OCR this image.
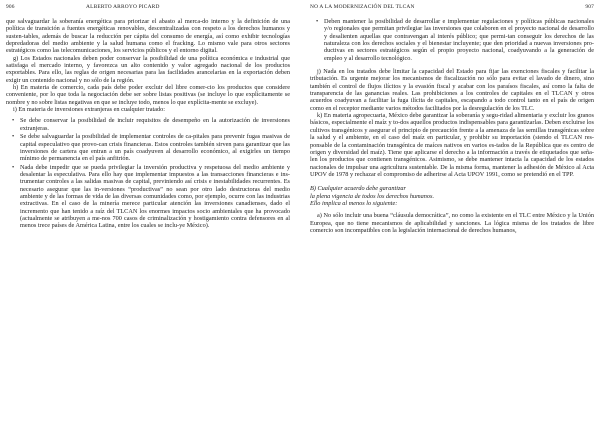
906	ALBERTO ARROYO PICARD

que salvaguardar la soberanía energética para priorizar el abasto al merca-do interno y la definición de una política de transición a fuentes energéticas renovables, descentralizadas con respeto a los derechos humanos y susten-tables, además de buscar la reducción per cápita del consumo de energía, así como exhibir tecnologías depredadoras del medio ambiente y la salud humana como el fracking. Lo mismo vale para otros sectores estratégicos como las telecomunicaciones, los servicios públicos y el entorno digital.

g) Los Estados nacionales deben poder conservar la posibilidad de una política económica e industrial que satisfaga el mercado interno, y favorezca un alto contenido y valor agregado nacional de los productos exportables. Para ello, las reglas de origen necesarias para las facilidades arancelarias en la exportación deben exigir un contenido nacional y no sólo de la región.

h) En materia de comercio, cada país debe poder excluir del libre comer-cio los productos que considere conveniente, por lo que toda la negociación debe ser sobre listas positivas (se incluye lo que explícitamente se nombre y no sobre listas negativas en que se incluye todo, menos lo que explícita-mente se excluye).

i) En materia de inversiones extranjeras en cualquier tratado:

• Se debe conservar la posibilidad de incluir requisitos de desempeño en la autorización de inversiones extranjeras.
• Se debe salvaguardar la posibilidad de implementar controles de ca-pitales para prevenir fugas masivas de capital especulativo que provo-can crisis financieras. Estos controles también sirven para garantizar que las inversiones de cartera que entran a un país coadyuven al desarrollo económico, al exigirles un tiempo mínimo de permanencia en el país anfitrión.
• Nada debe impedir que se pueda privilegiar la inversión productiva y respetuosa del medio ambiente y desalentar la especulativa. Para ello hay que implementar impuestos a las transacciones financieras e ins-trumentar controles a las salidas masivas de capital, previniendo así crisis e inestabilidades recurrentes. Es necesario asegurar que las in-versiones “productivas” no sean por otro lado destructoras del medio ambiente y de las formas de vida de las diversas comunidades como, por ejemplo, ocurre con las industrias extractivas. En el caso de la minería merece particular atención las inversiones canadienses, dado el incremento que han tenido a raíz del TLCAN los enormes impactos socio ambientales que ha provocado (actualmente se atribuyen a me-nos 700 casos de criminalización y hostigamiento contra defensores en al menos trece países de América Latina, entre los cuales se inclu-ye México).
NO A LA MODERNIZACIÓN DEL TLCAN	907
• Deben mantener la posibilidad de desarrollar e implementar regulaciones y políticas públicas nacionales y/o regionales que permitan privilegiar las inversiones que colaboren en el proyecto nacional de desarrollo y desalienten aquellas que contravengan al interés público; que permi-tan conseguir los derechos de las naturaleza con los derechos sociales y el bienestar incluyente; que den prioridad a nuevas inversiones pro-ductivas en sectores estratégicos según el propio proyecto nacional, coadyuvando a la generación de empleo y al desarrollo tecnológico.

j) Nada en los tratados debe limitar la capacidad del Estado para fijar las exenciones fiscales y facilitar la tributación. Es urgente mejorar los mecanismos de fiscalización no sólo para evitar el lavado de dinero, sino también el control de flujos ilícitos y la evasión fiscal y acabar con los paraísos fiscales, así como la falta de transparencia de las ganancias reales. Las prohibiciones a los controles de capitales en el TLCAN y otros acuerdos coadyuvan a facilitar la fuga ilícita de capitales, escapando a todo control tanto en el país de origen como en el receptor mediante varios métodos facilitados por la desregulación de los TLC.

k) En materia agropecuaria, México debe garantizar la soberanía y segu-ridad alimentaria y excluir los granos básicos, especialmente el maíz y to-dos aquellos productos indispensables para garantizarlas. Deben excluirse los cultivos transgénicos y asegurar el principio de precaución frente a la amenaza de las semillas transgénicas sobre la salud y el ambiente, en el caso del maíz en particular, y prohibir su importación (siendo el TLCAN res-ponsable de la contaminación transgénica de maíces nativos en varios es-tados de la República que es centro de origen y diversidad del maíz). Tiene que aplicarse el derecho a la información a través de etiquetados que seña-len los productos que contienen transgénicos. Asimismo, se debe mantener intacta la capacidad de los estados nacionales de impulsar una agricultura sustentable. De la misma forma, mantener la adhesión de México al Acta UPOV de 1978 y rechazar el compromiso de adherirse al Acta UPOV 1991, como se pretendió en el TPP.

B) Cualquier acuerdo debe garantizar

la plena vigencia de todos los derechos humanos.

Ello implica al menos lo siguiente:

a) No sólo incluir una buena “cláusula democrática”, no como la existente en el TLC entre México y la Unión Europea, que no tiene mecanismos de aplicabilidad y sanciones. La lógica misma de los tratados de libre comercio son incompatibles con la legislación internacional de derechos humanos,
